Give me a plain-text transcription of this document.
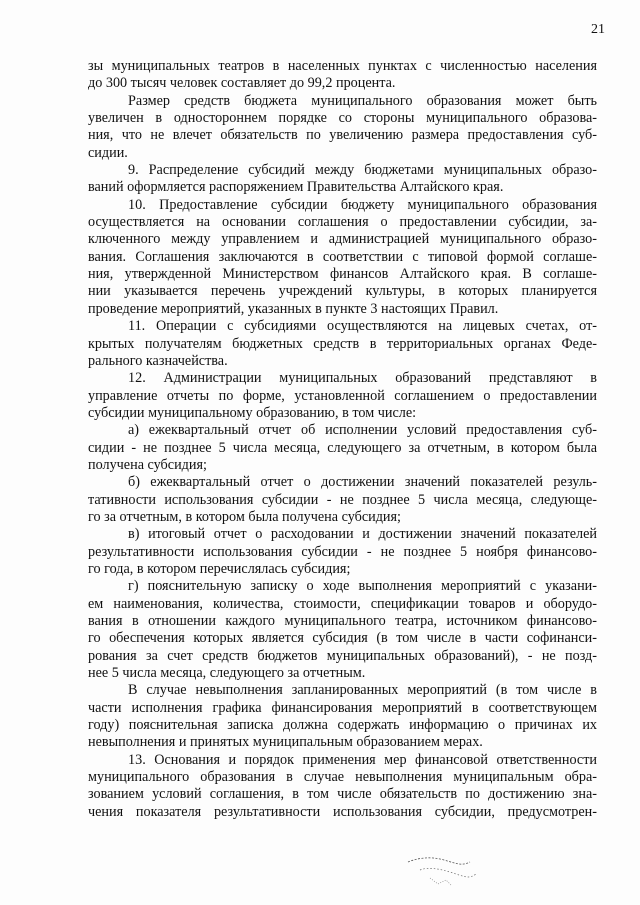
21
зы муниципальных театров в населенных пунктах с численностью населения
до 300 тысяч человек составляет до 99,2 процента.
Размер средств бюджета муниципального образования может быть
увеличен в одностороннем порядке со стороны муниципального образова-
ния, что не влечет обязательств по увеличению размера предоставления суб-
сидии.
9. Распределение субсидий между бюджетами муниципальных образо-
ваний оформляется распоряжением Правительства Алтайского края.
10. Предоставление субсидии бюджету муниципального образования
осуществляется на основании соглашения о предоставлении субсидии, за-
ключенного между управлением и администрацией муниципального образо-
вания. Соглашения заключаются в соответствии с типовой формой соглаше-
ния, утвержденной Министерством финансов Алтайского края. В соглаше-
нии указывается перечень учреждений культуры, в которых планируется
проведение мероприятий, указанных в пункте 3 настоящих Правил.
11. Операции с субсидиями осуществляются на лицевых счетах, от-
крытых получателям бюджетных средств в территориальных органах Феде-
рального казначейства.
12. Администрации муниципальных образований представляют в
управление отчеты по форме, установленной соглашением о предоставлении
субсидии муниципальному образованию, в том числе:
а) ежеквартальный отчет об исполнении условий предоставления суб-
сидии - не позднее 5 числа месяца, следующего за отчетным, в котором была
получена субсидия;
б) ежеквартальный отчет о достижении значений показателей резуль-
тативности использования субсидии - не позднее 5 числа месяца, следующе-
го за отчетным, в котором была получена субсидия;
в) итоговый отчет о расходовании и достижении значений показателей
результативности использования субсидии - не позднее 5 ноября финансово-
го года, в котором перечислялась субсидия;
г) пояснительную записку о ходе выполнения мероприятий с указани-
ем наименования, количества, стоимости, спецификации товаров и оборудо-
вания в отношении каждого муниципального театра, источником финансово-
го обеспечения которых является субсидия (в том числе в части софинанси-
рования за счет средств бюджетов муниципальных образований), - не позд-
нее 5 числа месяца, следующего за отчетным.
В случае невыполнения запланированных мероприятий (в том числе в
части исполнения графика финансирования мероприятий в соответствующем
году) пояснительная записка должна содержать информацию о причинах их
невыполнения и принятых муниципальным образованием мерах.
13. Основания и порядок применения мер финансовой ответственности
муниципального образования в случае невыполнения муниципальным обра-
зованием условий соглашения, в том числе обязательств по достижению зна-
чения показателя результативности использования субсидии, предусмотрен-
